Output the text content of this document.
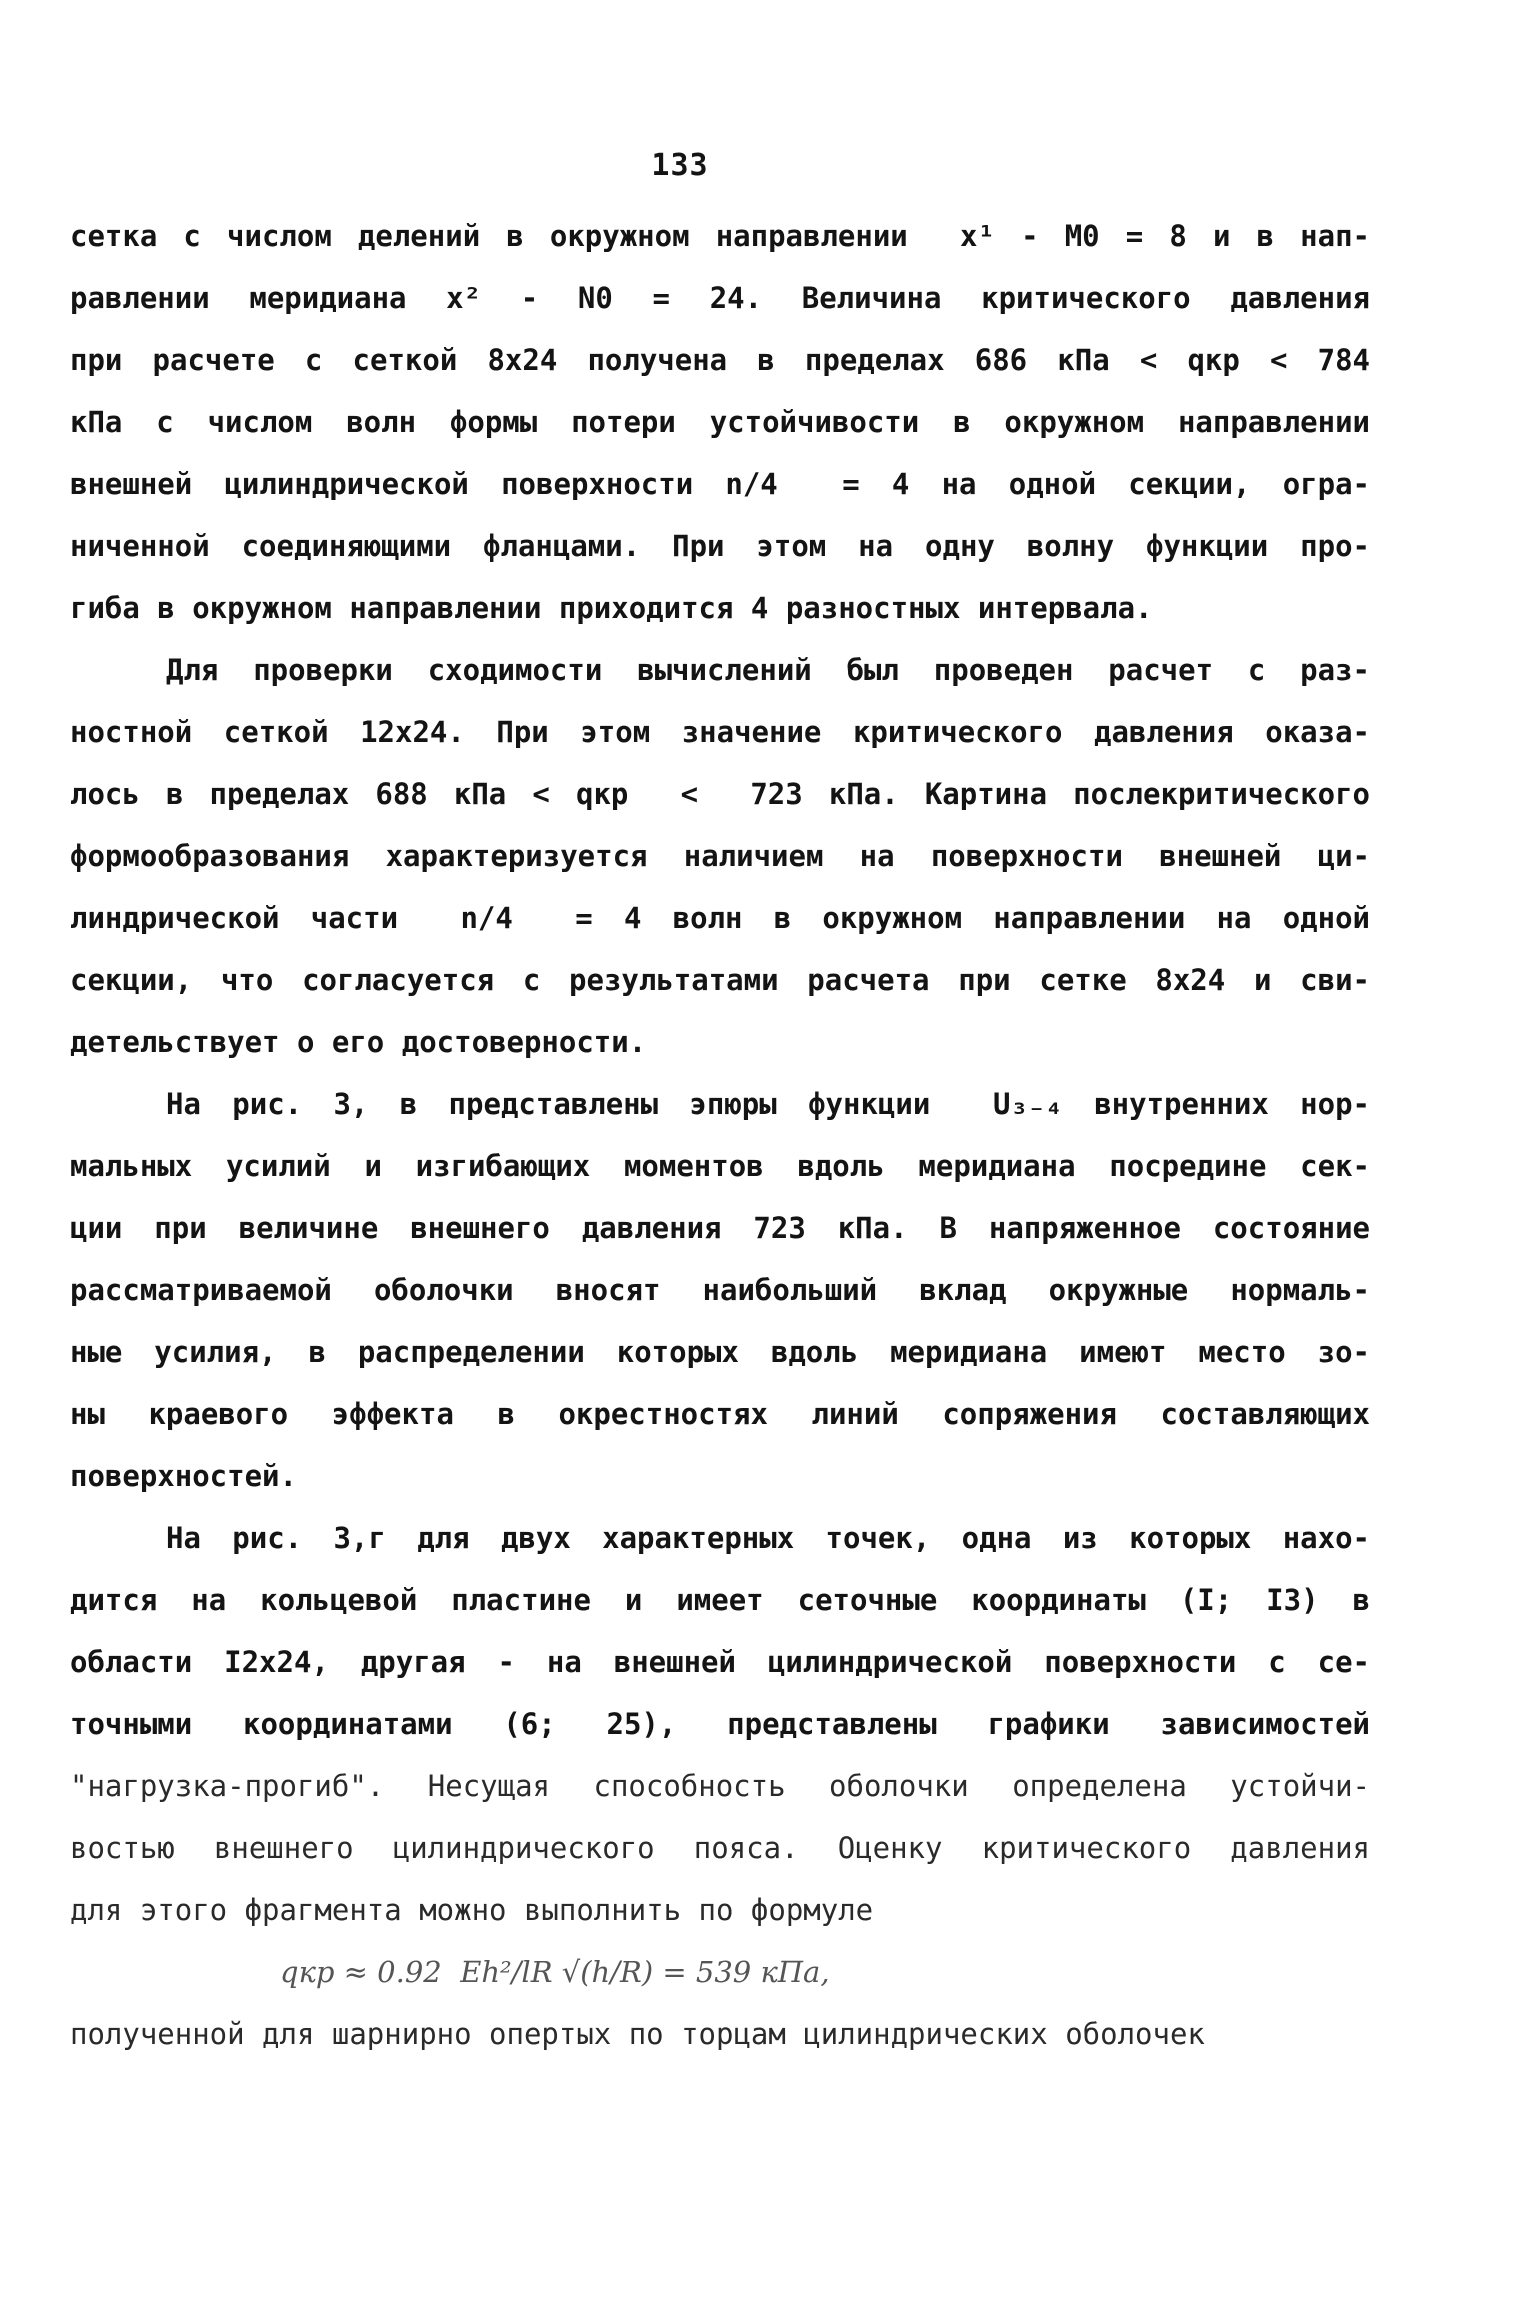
133
сетка с числом делений в окружном направлении  x¹ - M0 = 8 и в нап-
равлении меридиана x² - N0 = 24. Величина критического давления
при расчете с сеткой 8x24 получена в пределах 686 кПа < qкр < 784
кПа с числом волн формы потери устойчивости в окружном направлении
внешней цилиндрической поверхности n/4  = 4 на одной секции, огра-
ниченной соединяющими фланцами. При этом на одну волну функции про-
гиба в окружном направлении приходится 4 разностных интервала.
Для проверки сходимости вычислений был проведен расчет с раз-
ностной сеткой 12x24. При этом значение критического давления оказа-
лось в пределах 688 кПа < qкр  <  723 кПа. Картина послекритического
формообразования характеризуется наличием на поверхности внешней ци-
линдрической части  n/4  = 4 волн в окружном направлении на одной
секции, что согласуется с результатами расчета при сетке 8x24 и сви-
детельствует о его достоверности.
На рис. 3, в представлены эпюры функции  U₃₋₄ внутренних нор-
мальных усилий и изгибающих моментов вдоль меридиана посредине сек-
ции при величине внешнего давления 723 кПа. В напряженное состояние
рассматриваемой оболочки вносят наибольший вклад окружные нормаль-
ные усилия, в распределении которых вдоль меридиана имеют место зо-
ны краевого эффекта в окрестностях линий сопряжения составляющих
поверхностей.
На рис. 3,г для двух характерных точек, одна из которых нахо-
дится на кольцевой пластине и имеет сеточные координаты (I; I3) в
области I2x24, другая - на внешней цилиндрической поверхности с се-
точными координатами (6; 25), представлены графики зависимостей
"нагрузка-прогиб". Несущая способность оболочки определена устойчи-
востью внешнего цилиндрического пояса. Оценку критического давления
для этого фрагмента можно выполнить по формуле
qкр ≈ 0.92  Eh²/lR √(h/R) = 539 кПа,
полученной для шарнирно опертых по торцам цилиндрических оболочек
